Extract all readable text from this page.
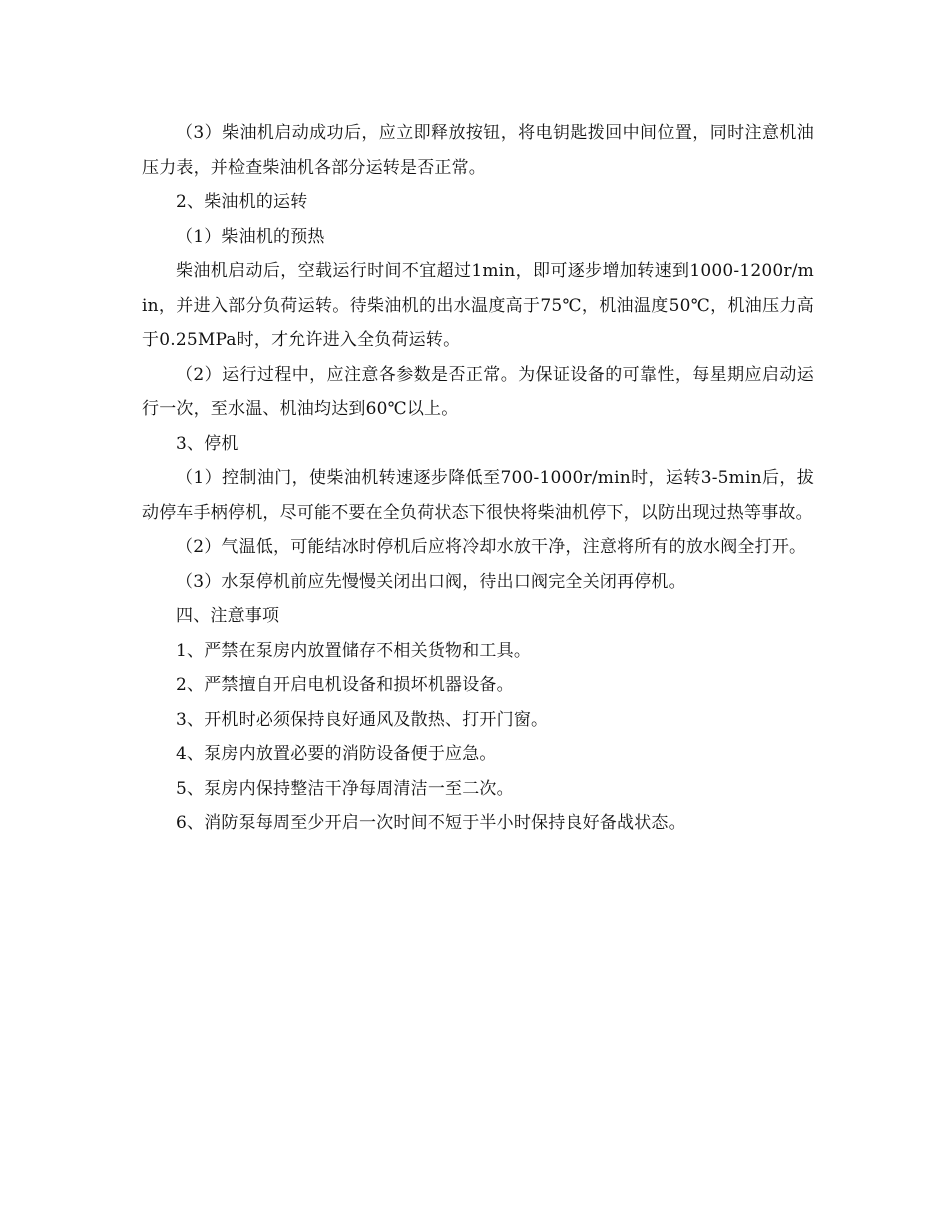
（3）柴油机启动成功后，应立即释放按钮，将电钥匙拨回中间位置，同时注意机油压力表，并检查柴油机各部分运转是否正常。

2、柴油机的运转

（1）柴油机的预热

柴油机启动后，空载运行时间不宜超过1min，即可逐步增加转速到1000-1200r/min，并进入部分负荷运转。待柴油机的出水温度高于75℃，机油温度50℃，机油压力高于0.25MPa时，才允许进入全负荷运转。

（2）运行过程中，应注意各参数是否正常。为保证设备的可靠性，每星期应启动运行一次，至水温、机油均达到60℃以上。

3、停机

（1）控制油门，使柴油机转速逐步降低至700-1000r/min时，运转3-5min后，拔动停车手柄停机，尽可能不要在全负荷状态下很快将柴油机停下，以防出现过热等事故。

（2）气温低，可能结冰时停机后应将冷却水放干净，注意将所有的放水阀全打开。

（3）水泵停机前应先慢慢关闭出口阀，待出口阀完全关闭再停机。

四、注意事项

1、严禁在泵房内放置储存不相关货物和工具。

2、严禁擅自开启电机设备和损坏机器设备。

3、开机时必须保持良好通风及散热、打开门窗。

4、泵房内放置必要的消防设备便于应急。

5、泵房内保持整洁干净每周清洁一至二次。

6、消防泵每周至少开启一次时间不短于半小时保持良好备战状态。
